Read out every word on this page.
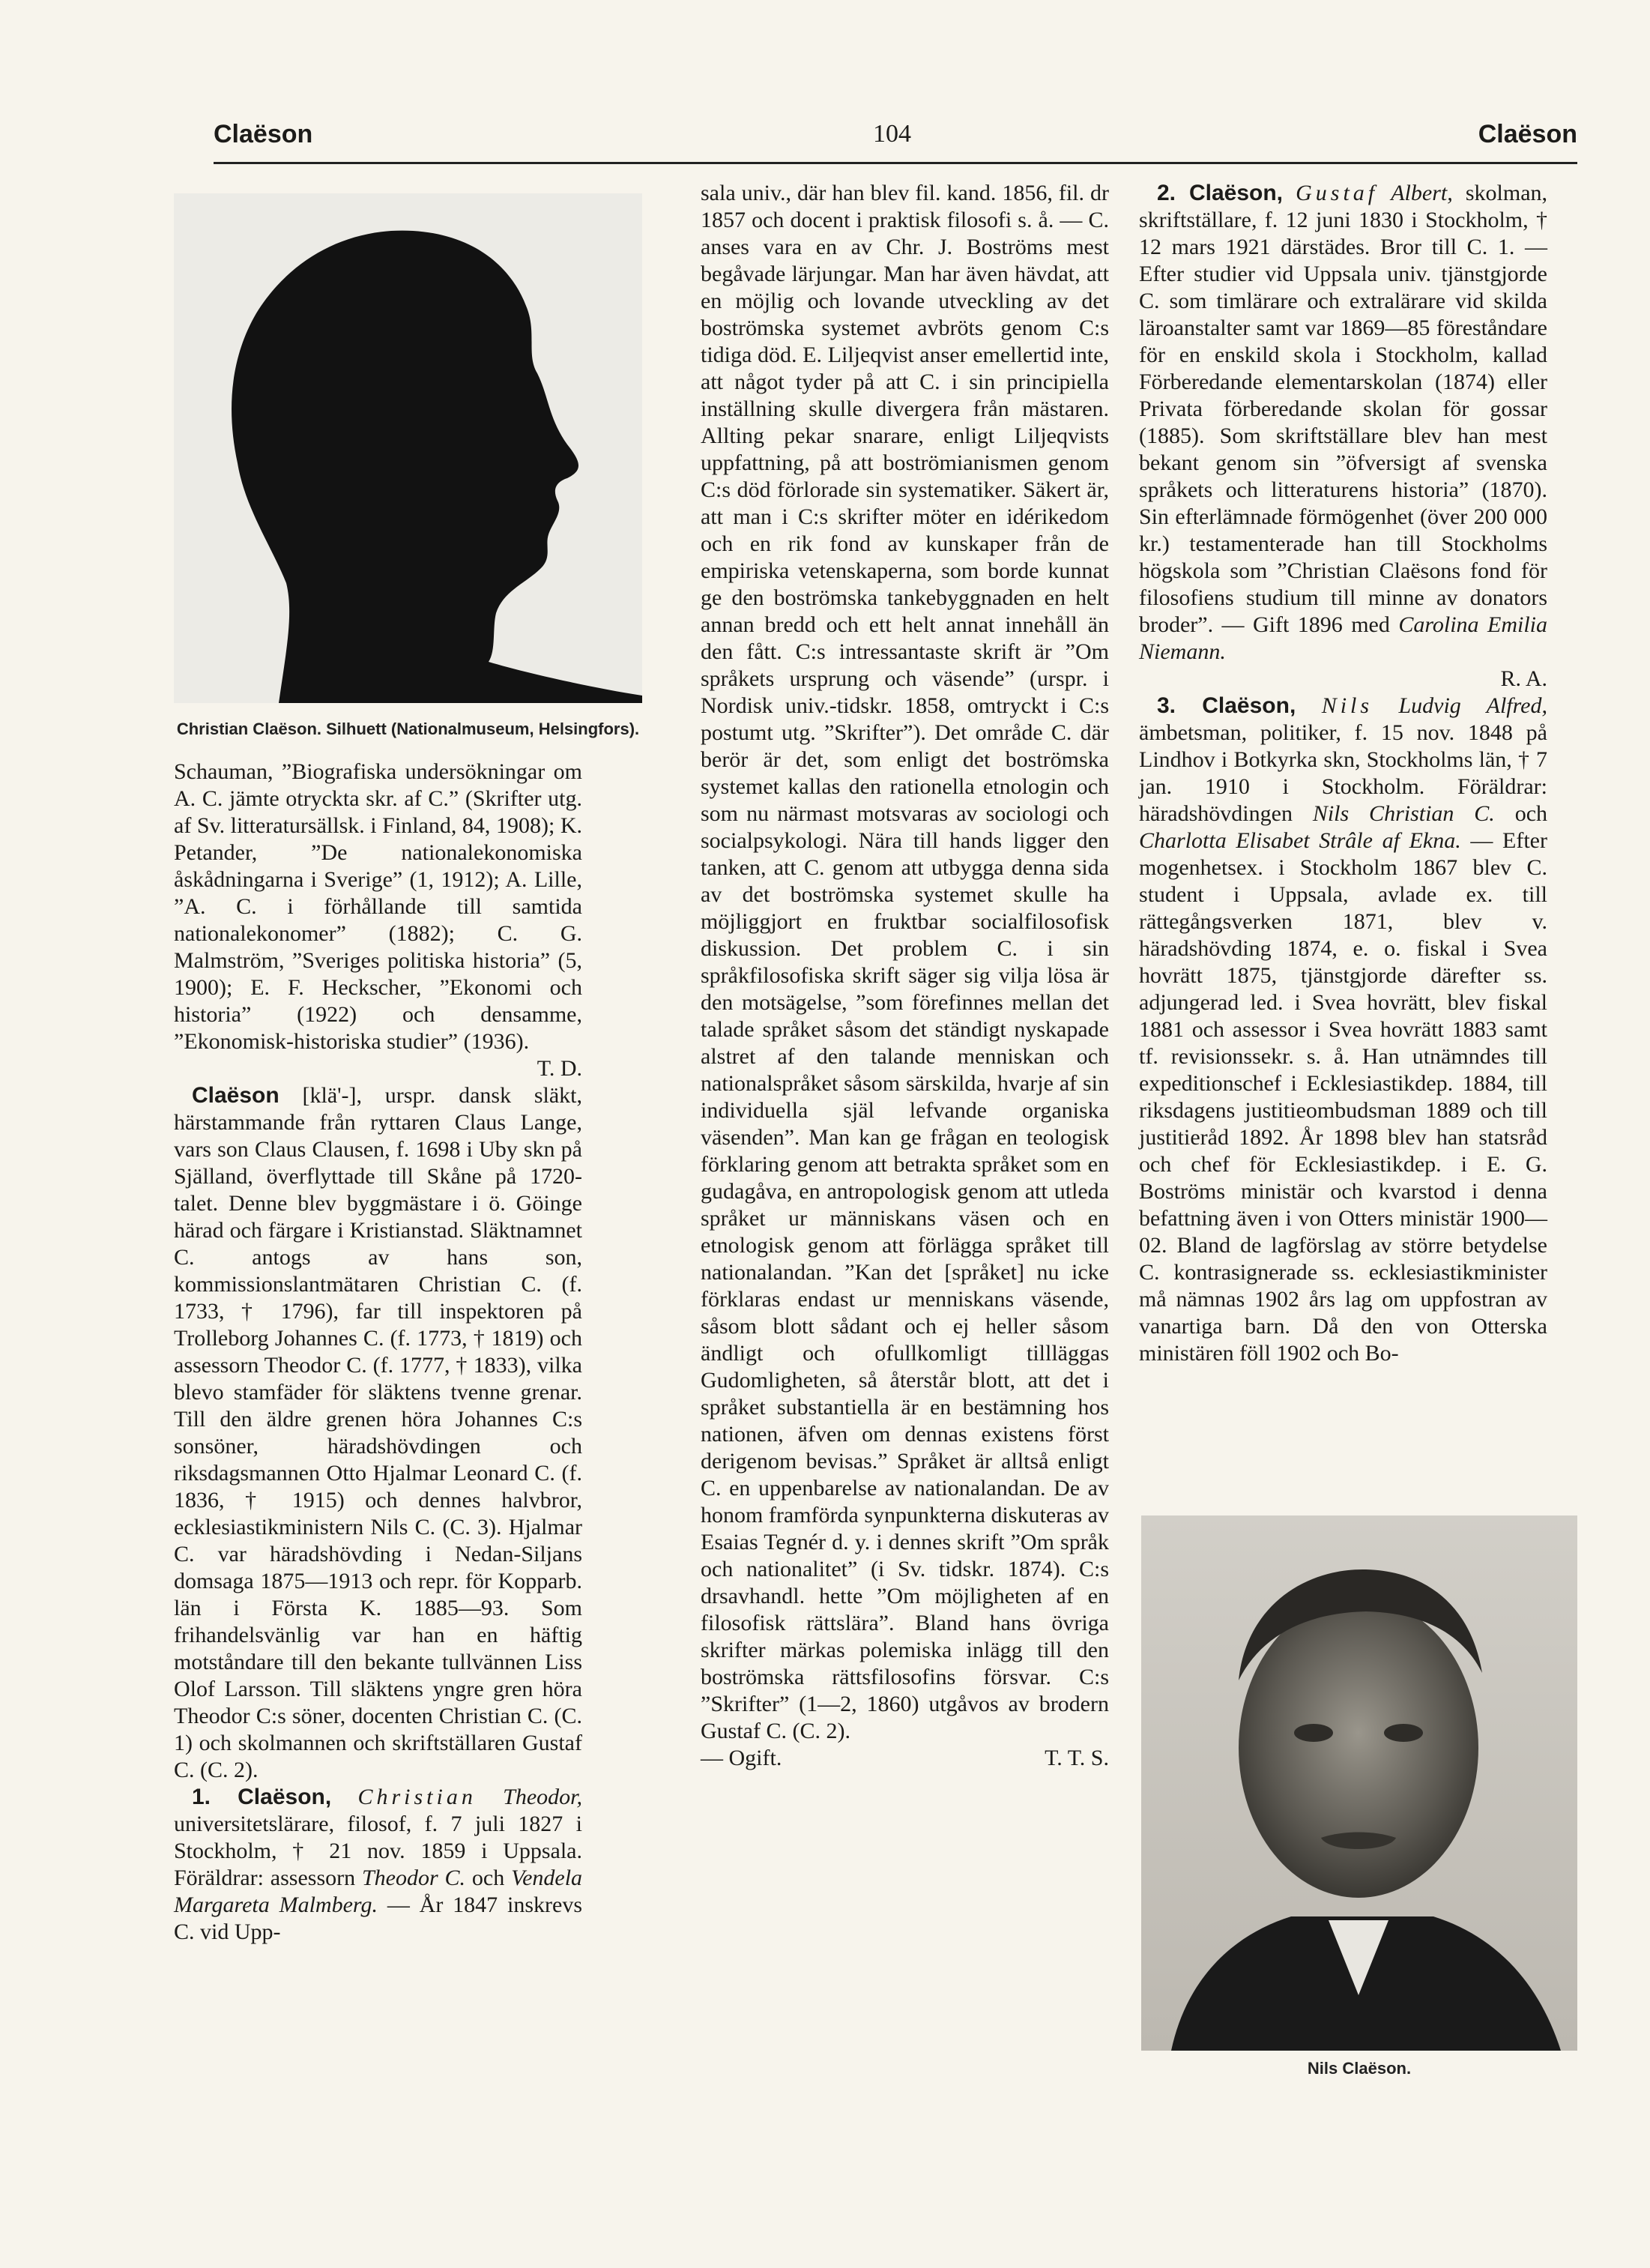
Claëson	104	Claëson
Christian Claëson. Silhuett (Nationalmuseum, Helsingfors).
Nils Claëson.

Schauman, ”Biografiska undersökningar om A. C. jämte otryckta skr. af C.” (Skrifter utg. af Sv. litteratursällsk. i Finland, 84, 1908); K. Petander, ”De nationalekonomiska åskådningarna i Sverige” (1, 1912); A. Lille, ”A. C. i förhållande till samtida nationalekonomer” (1882); C. G. Malmström, ”Sveriges politiska historia” (5, 1900); E. F. Heckscher, ”Ekonomi och historia” (1922) och densamme, ”Ekonomisk-historiska studier” (1936).
T. D.

Claëson [klä'-], urspr. dansk släkt, härstammande från ryttaren Claus Lange, vars son Claus Clausen, f. 1698 i Uby skn på Själland, överflyttade till Skåne på 1720-talet. Denne blev byggmästare i ö. Göinge härad och färgare i Kristianstad. Släktnamnet C. antogs av hans son, kommissionslantmätaren Christian C. (f. 1733, † 1796), far till inspektoren på Trolleborg Johannes C. (f. 1773, † 1819) och assessorn Theodor C. (f. 1777, † 1833), vilka blevo stamfäder för släktens tvenne grenar. Till den äldre grenen höra Johannes C:s sonsöner, häradshövdingen och riksdagsmannen Otto Hjalmar Leonard C. (f. 1836, † 1915) och dennes halvbror, ecklesiastikministern Nils C. (C. 3). Hjalmar C. var häradshövding i Nedan-Siljans domsaga 1875—1913 och repr. för Kopparb. län i Första K. 1885—93. Som frihandelsvänlig var han en häftig motståndare till den bekante tullvännen Liss Olof Larsson. Till släktens yngre gren höra Theodor C:s söner, docenten Christian C. (C. 1) och skolmannen och skriftställaren Gustaf C. (C. 2).

1. Claëson, Christian Theodor, universitetslärare, filosof, f. 7 juli 1827 i Stockholm, † 21 nov. 1859 i Uppsala. Föräldrar: assessorn Theodor C. och Vendela Margareta Malmberg. — År 1847 inskrevs C. vid Upp-

sala univ., där han blev fil. kand. 1856, fil. dr 1857 och docent i praktisk filosofi s. å. — C. anses vara en av Chr. J. Boströms mest begåvade lärjungar. Man har även hävdat, att en möjlig och lovande utveckling av det boströmska systemet avbröts genom C:s tidiga död. E. Liljeqvist anser emellertid inte, att något tyder på att C. i sin principiella inställning skulle divergera från mästaren. Allting pekar snarare, enligt Liljeqvists uppfattning, på att boströmianismen genom C:s död förlorade sin systematiker. Säkert är, att man i C:s skrifter möter en idérikedom och en rik fond av kunskaper från de empiriska vetenskaperna, som borde kunnat ge den boströmska tankebyggnaden en helt annan bredd och ett helt annat innehåll än den fått. C:s intressantaste skrift är ”Om språkets ursprung och väsende” (urspr. i Nordisk univ.-tidskr. 1858, omtryckt i C:s postumt utg. ”Skrifter”). Det område C. där berör är det, som enligt det boströmska systemet kallas den rationella etnologin och som nu närmast motsvaras av sociologi och socialpsykologi. Nära till hands ligger den tanken, att C. genom att utbygga denna sida av det boströmska systemet skulle ha möjliggjort en fruktbar socialfilosofisk diskussion. Det problem C. i sin språkfilosofiska skrift säger sig vilja lösa är den motsägelse, ”som förefinnes mellan det talade språket såsom det ständigt nyskapade alstret af den talande menniskan och nationalspråket såsom särskilda, hvarje af sin individuella själ lefvande organiska väsenden”. Man kan ge frågan en teologisk förklaring genom att betrakta språket som en gudagåva, en antropologisk genom att utleda språket ur människans väsen och en etnologisk genom att förlägga språket till nationalandan. ”Kan det [språket] nu icke förklaras endast ur menniskans väsende, såsom blott sådant och ej heller såsom ändligt och ofullkomligt tillläggas Gudomligheten, så återstår blott, att det i språket substantiella är en bestämning hos nationen, äfven om dennas existens först derigenom bevisas.” Språket är alltså enligt C. en uppenbarelse av nationalandan. De av honom framförda synpunkterna diskuteras av Esaias Tegnér d. y. i dennes skrift ”Om språk och nationalitet” (i Sv. tidskr. 1874). C:s drsavhandl. hette ”Om möjligheten af en filosofisk rättslära”. Bland hans övriga skrifter märkas polemiska inlägg till den boströmska rättsfilosofins försvar. C:s ”Skrifter” (1—2, 1860) utgåvos av brodern Gustaf C. (C. 2).

— Ogift.	T. T. S.

2. Claëson, Gustaf Albert, skolman, skriftställare, f. 12 juni 1830 i Stockholm, † 12 mars 1921 därstädes. Bror till C. 1. — Efter studier vid Uppsala univ. tjänstgjorde C. som timlärare och extralärare vid skilda läroanstalter samt var 1869—85 föreståndare för en enskild skola i Stockholm, kallad Förberedande elementarskolan (1874) eller Privata förberedande skolan för gossar (1885). Som skriftställare blev han mest bekant genom sin ”öfversigt af svenska språkets och litteraturens historia” (1870). Sin efterlämnade förmögenhet (över 200 000 kr.) testamenterade han till Stockholms högskola som ”Christian Claësons fond för filosofiens studium till minne av donators broder”. — Gift 1896 med Carolina Emilia Niemann.
R. A.

3. Claëson, Nils Ludvig Alfred, ämbetsman, politiker, f. 15 nov. 1848 på Lindhov i Botkyrka skn, Stockholms län, † 7 jan. 1910 i Stockholm. Föräldrar: häradshövdingen Nils Christian C. och Charlotta Elisabet Strâle af Ekna. — Efter mogenhetsex. i Stockholm 1867 blev C. student i Uppsala, avlade ex. till rättegångsverken 1871, blev v. häradshövding 1874, e. o. fiskal i Svea hovrätt 1875, tjänstgjorde därefter ss. adjungerad led. i Svea hovrätt, blev fiskal 1881 och assessor i Svea hovrätt 1883 samt tf. revisionssekr. s. å. Han utnämndes till expeditionschef i Ecklesiastikdep. 1884, till riksdagens justitieombudsman 1889 och till justitieråd 1892. År 1898 blev han statsråd och chef för Ecklesiastikdep. i E. G. Boströms ministär och kvarstod i denna befattning även i von Otters ministär 1900—02. Bland de lagförslag av större betydelse C. kontrasignerade ss. ecklesiastikminister må nämnas 1902 års lag om uppfostran av vanartiga barn. Då den von Otterska ministären föll 1902 och Bo-
